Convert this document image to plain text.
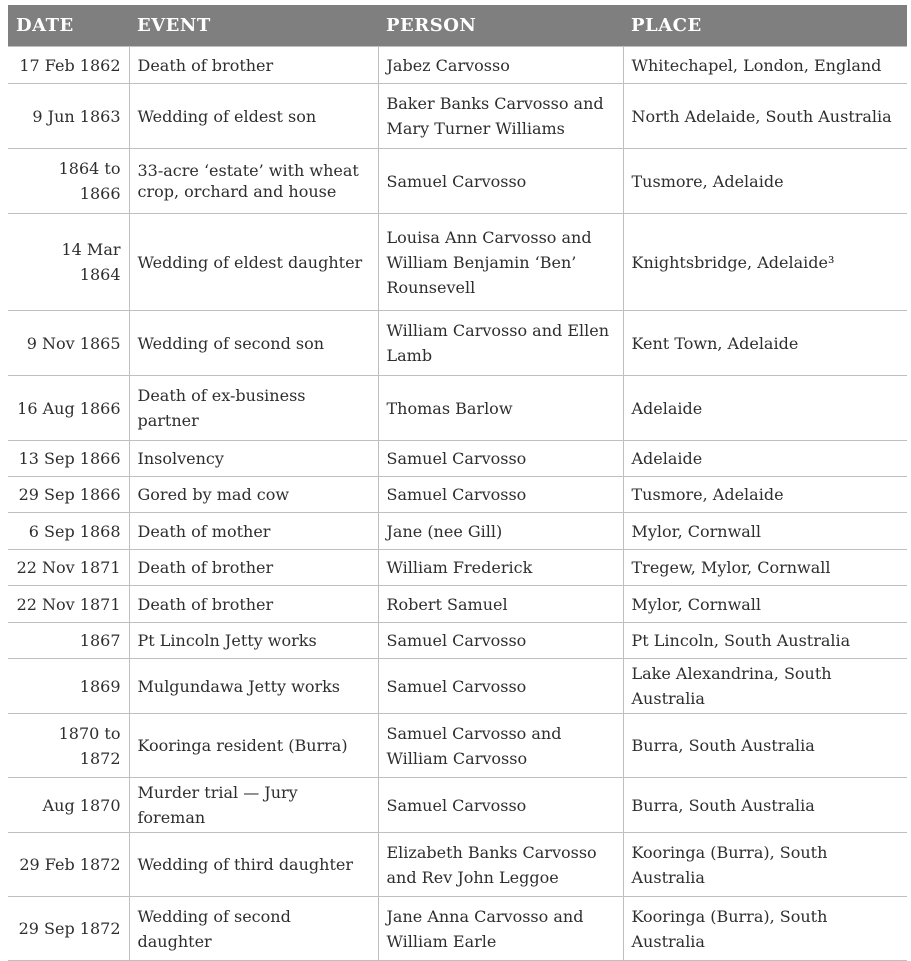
DATE	EVENT	PERSON	PLACE
17 Feb 1862	Death of brother	Jabez Carvosso	Whitechapel, London, England
9 Jun 1863	Wedding of eldest son	Baker Banks Carvosso and Mary Turner Williams	North Adelaide, South Australia
1864 to 1866	33-acre ‘estate’ with wheat crop, orchard and house	Samuel Carvosso	Tusmore, Adelaide
14 Mar 1864	Wedding of eldest daughter	Louisa Ann Carvosso and William Benjamin ‘Ben’ Rounsevell	Knightsbridge, Adelaide³
9 Nov 1865	Wedding of second son	William Carvosso and Ellen Lamb	Kent Town, Adelaide
16 Aug 1866	Death of ex-business partner	Thomas Barlow	Adelaide
13 Sep 1866	Insolvency	Samuel Carvosso	Adelaide
29 Sep 1866	Gored by mad cow	Samuel Carvosso	Tusmore, Adelaide
6 Sep 1868	Death of mother	Jane (nee Gill)	Mylor, Cornwall
22 Nov 1871	Death of brother	William Frederick	Tregew, Mylor, Cornwall
22 Nov 1871	Death of brother	Robert Samuel	Mylor, Cornwall
1867	Pt Lincoln Jetty works	Samuel Carvosso	Pt Lincoln, South Australia
1869	Mulgundawa Jetty works	Samuel Carvosso	Lake Alexandrina, South Australia
1870 to 1872	Kooringa resident (Burra)	Samuel Carvosso and William Carvosso	Burra, South Australia
Aug 1870	Murder trial — Jury foreman	Samuel Carvosso	Burra, South Australia
29 Feb 1872	Wedding of third daughter	Elizabeth Banks Carvosso and Rev John Leggoe	Kooringa (Burra), South Australia
29 Sep 1872	Wedding of second daughter	Jane Anna Carvosso and William Earle	Kooringa (Burra), South Australia
